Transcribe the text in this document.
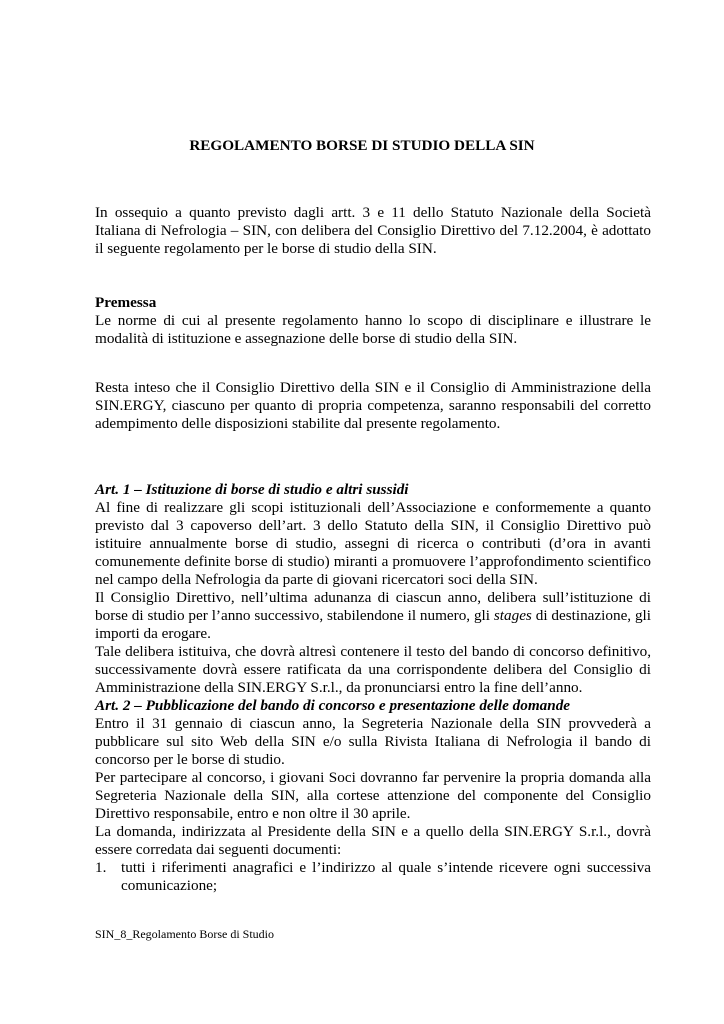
REGOLAMENTO BORSE DI STUDIO DELLA SIN

In ossequio a quanto previsto dagli artt. 3 e 11 dello Statuto Nazionale della Società Italiana di Nefrologia – SIN, con delibera del Consiglio Direttivo del 7.12.2004, è adottato il seguente regolamento per le borse di studio della SIN.

Premessa

Le norme di cui al presente regolamento hanno lo scopo di disciplinare e illustrare le modalità di istituzione e assegnazione delle borse di studio della SIN.

Resta inteso che il Consiglio Direttivo della SIN e il Consiglio di Amministrazione della SIN.ERGY, ciascuno per quanto di propria competenza, saranno responsabili del corretto adempimento delle disposizioni stabilite dal presente regolamento.

Art. 1 – Istituzione di borse di studio e altri sussidi

Al fine di realizzare gli scopi istituzionali dell’Associazione e conformemente a quanto previsto dal 3 capoverso dell’art. 3 dello Statuto della SIN, il Consiglio Direttivo può istituire annualmente borse di studio, assegni di ricerca o contributi (d’ora in avanti comunemente definite borse di studio) miranti a promuovere l’approfondimento scientifico nel campo della Nefrologia da parte di giovani ricercatori soci della SIN.

Il Consiglio Direttivo, nell’ultima adunanza di ciascun anno, delibera sull’istituzione di borse di studio per l’anno successivo, stabilendone il numero, gli stages di destinazione, gli importi da erogare.

Tale delibera istituiva, che dovrà altresì contenere il testo del bando di concorso definitivo, successivamente dovrà essere ratificata da una corrispondente delibera del Consiglio di Amministrazione della SIN.ERGY S.r.l., da pronunciarsi entro la fine dell’anno.

Art. 2 – Pubblicazione del bando di concorso e presentazione delle domande

Entro il 31 gennaio di ciascun anno, la Segreteria Nazionale della SIN provvederà a pubblicare sul sito Web della SIN e/o sulla Rivista Italiana di Nefrologia il bando di concorso per le borse di studio.

Per partecipare al concorso, i giovani Soci dovranno far pervenire la propria domanda alla Segreteria Nazionale della SIN, alla cortese attenzione del componente del Consiglio Direttivo responsabile, entro e non oltre il 30 aprile.

La domanda, indirizzata al Presidente della SIN e a quello della SIN.ERGY S.r.l., dovrà essere corredata dai seguenti documenti:

1. tutti i riferimenti anagrafici e l’indirizzo al quale s’intende ricevere ogni successiva comunicazione;
SIN_8_Regolamento Borse di Studio
